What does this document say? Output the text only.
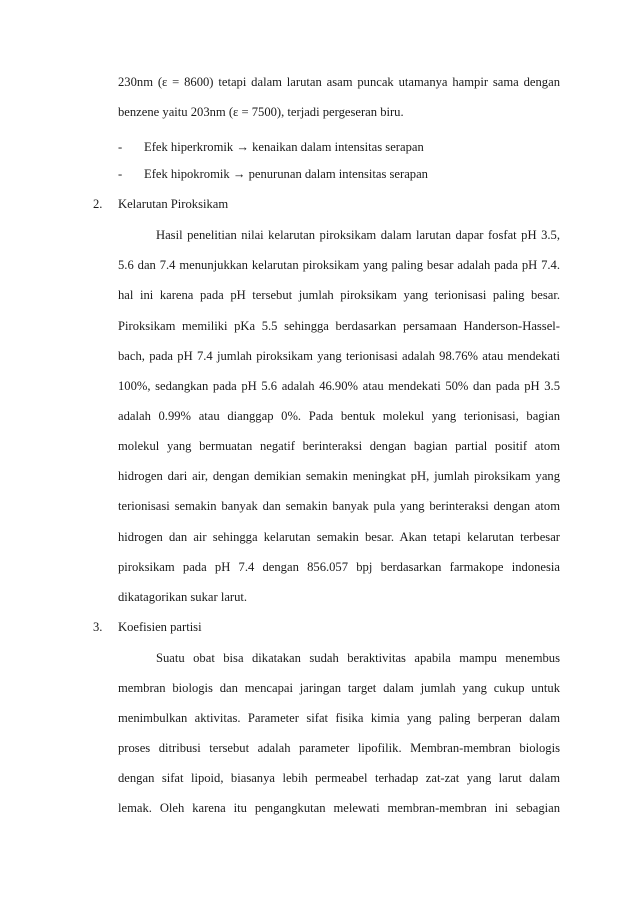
230nm (ε = 8600) tetapi dalam larutan asam puncak utamanya hampir sama dengan
benzene yaitu 203nm (ε = 7500), terjadi pergeseran biru.
- Efek hiperkromik → kenaikan dalam intensitas serapan
- Efek hipokromik → penurunan dalam intensitas serapan
2. Kelarutan Piroksikam
Hasil penelitian nilai kelarutan piroksikam dalam larutan dapar fosfat pH 3.5,
5.6 dan 7.4 menunjukkan kelarutan piroksikam yang paling besar adalah pada pH 7.4.
hal ini karena pada pH tersebut jumlah piroksikam yang terionisasi paling besar.
Piroksikam memiliki pKa 5.5 sehingga berdasarkan persamaan Handerson-Hassel-
bach, pada pH 7.4 jumlah piroksikam yang terionisasi adalah 98.76% atau mendekati
100%, sedangkan pada pH 5.6 adalah 46.90% atau mendekati 50% dan pada pH 3.5
adalah 0.99% atau dianggap 0%. Pada bentuk molekul yang terionisasi, bagian
molekul yang bermuatan negatif berinteraksi dengan bagian partial positif atom
hidrogen dari air, dengan demikian semakin meningkat pH, jumlah piroksikam yang
terionisasi semakin banyak dan semakin banyak pula yang berinteraksi dengan atom
hidrogen dan air sehingga kelarutan semakin besar. Akan tetapi kelarutan terbesar
piroksikam pada pH 7.4 dengan 856.057 bpj berdasarkan farmakope indonesia
dikatagorikan sukar larut.
3. Koefisien partisi
Suatu obat bisa dikatakan sudah beraktivitas apabila mampu menembus
membran biologis dan mencapai jaringan target dalam jumlah yang cukup untuk
menimbulkan aktivitas. Parameter sifat fisika kimia yang paling berperan dalam
proses ditribusi tersebut adalah parameter lipofilik. Membran-membran biologis
dengan sifat lipoid, biasanya lebih permeabel terhadap zat-zat yang larut dalam
lemak. Oleh karena itu pengangkutan melewati membran-membran ini sebagian
